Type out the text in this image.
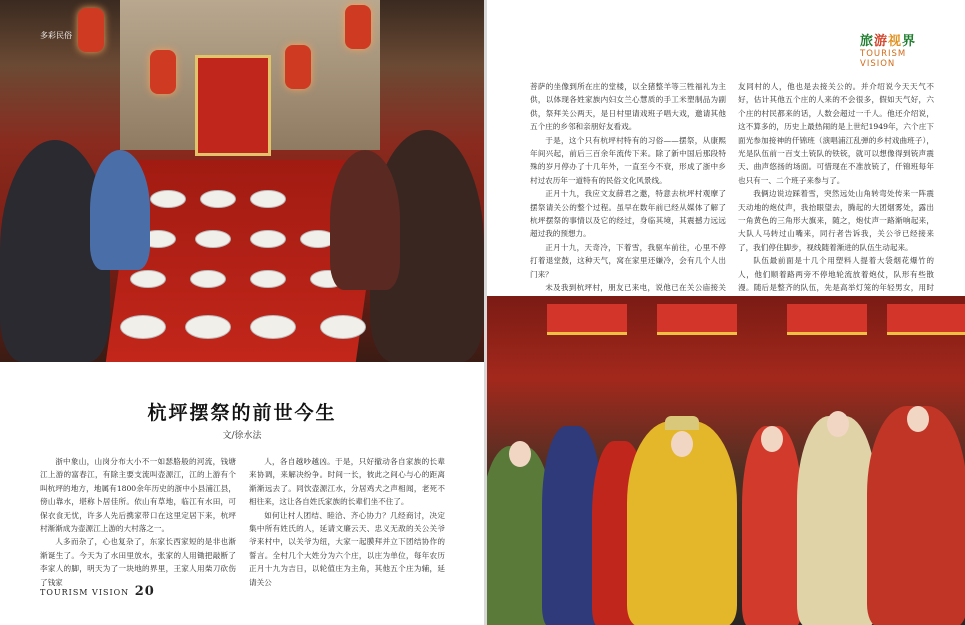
多彩民俗
杭坪摆祭的前世今生
文/徐水法

浙中象山，山岗分布大小不一如瑟胳般的河流，钱塘江上游的富春江，有除主要支流叫壶源江，江的上游有个叫杭坪的地方，地属有1800余年历史的浙中小县浦江县，傍山靠水，堪称卜居佳所。依山有草地，临江有水田，可保衣食无忧，许多人先后携家带口在这里定居下来，杭坪村渐渐成为壶源江上游的大村落之一。

人多而杂了，心也复杂了，东家长西家短的是非也渐渐诞生了。今天为了水田里放水，张家的人用锄把敲断了李家人的脚，明天为了一块地的界里，王家人用柴刀砍伤了钱家

人，各自越吵越凶。于是，只好撤动各自家族的长辈来协调，来解决纷争。时间一长，彼此之间心与心的距离渐渐远去了。同饮壶源江水，分居鸡犬之声相闻，老死不相往来，这让各自姓氏家族的长辈们坐不住了。

如何让村人团结、睦洽、齐心协力？几经商讨，决定集中所有姓氏的人，延请文廉云天、忠义无敌的关公关爷爷来村中，以关爷为纽，大家一起膜拜并立下团结协作的誓言。全村几个大姓分为六个庄，以庄为单位，每年农历正月十九为吉日，以轮值庄为主角，其他五个庄为辅，延请关公

TOURISM VISION 20
旅游视界
TOURISM
VISION

菩萨的坐像到所在庄的堂楼，以全猪整羊等三牲福礼为主供，以体现各姓家族内妇女兰心慧质的手工米塑制品为副供，祭拜关公两天，是日村里请戏班子唱大戏，邀请其他五个庄的乡邻和亲朋好友看戏。

于是，这个只有杭坪村特有的习俗——摆祭，从康熙年间兴起，前后三百余年流传下来。除了新中国后那段特殊的岁月停办了十几年外，一直至今不衰，形成了浙中乡村过农历年一道特有的民俗文化风景线。

正月十九，我应文友薛君之邀，特意去杭坪村观摩了摆祭请关公的整个过程。虽早在数年前已经从媒体了解了杭坪摆祭的事情以及它的经过，身临其境，其震撼力远远超过我的预想力。

正月十九，天奇冷，下着雪，我驱车前往，心里不停打着退堂鼓，这种天气，窝在家里还嫌冷，会有几个人出门来？

未及我到杭坪村，朋友已来电，说他已在关公庙接关

友同村的人，他也是去接关公的。并介绍说今天天气不好，估计其他五个庄的人来的不会很多，假如天气好，六个庄的村民都来的话，人数会超过一千人。他还介绍说，这不算多的，历史上最热闹的是上世纪1949年，六个庄下面光参加接神的仟锦班（演唱浦江乱弹的乡村戏曲班子），光是队伍前一百支土铳队的铁铳，就可以想像得到铳声震天、曲声悠扬的场面。可惜现在不准放铳了，仟锦班每年也只有一、二个班子来参与了。

我俩边说边踩着雪，突然远处山角转弯处传来一阵震天动地的炮仗声，我抬眼望去，腾起的大团烟雾处，露出一角黄色的三角形大旗来，随之，炮仗声一路渐响起来，大队人马转过山嘴来，同行者告诉我，关公爷已经接来了，我们停住脚步，视线随着渐进的队伍生动起来。

队伍最前面是十几个用塑料人提着大袋烟花爆竹的人，他们顺着路两旁不停地轮流放着炮仗，队形有些散漫。随后是整齐的队伍，先是高举灯笼的年轻男女，用时
